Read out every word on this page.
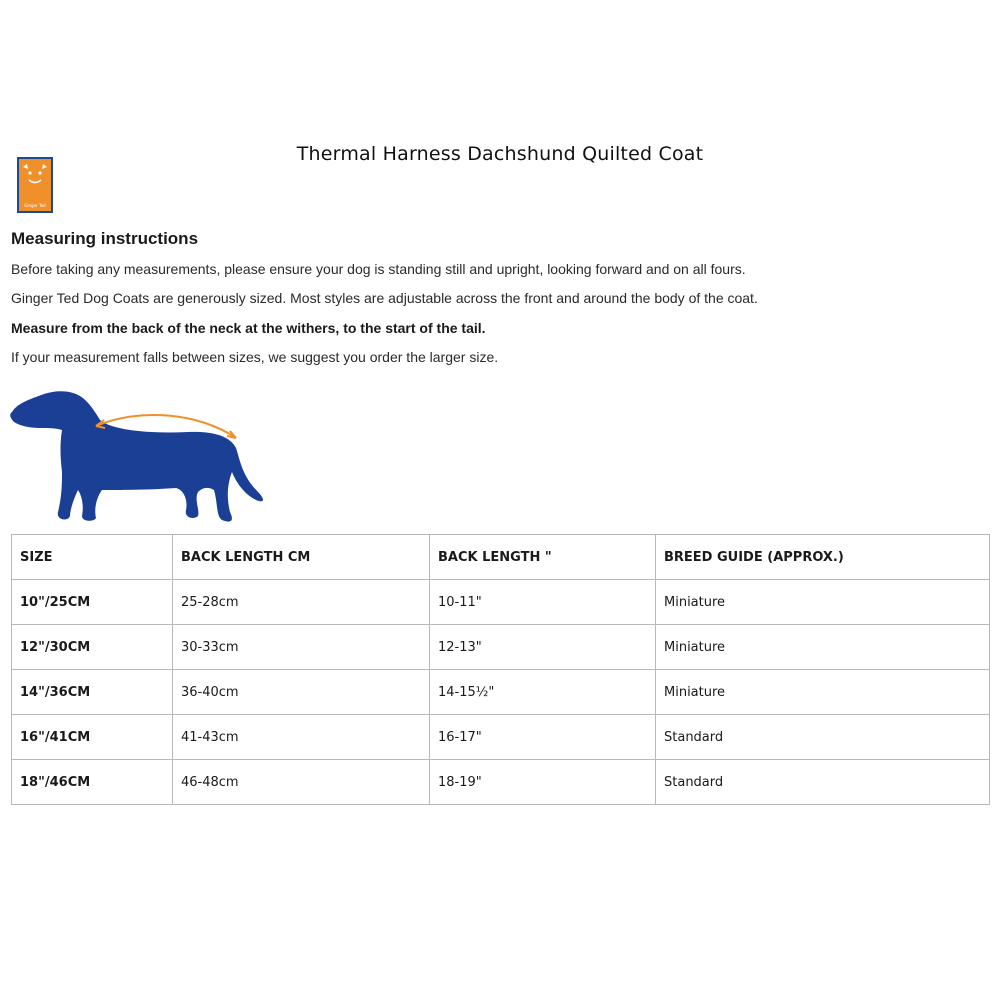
Thermal Harness Dachshund Quilted Coat
Ginger Ted
Measuring instructions
Before taking any measurements, please ensure your dog is standing still and upright, looking forward and on all fours.
Ginger Ted Dog Coats are generously sized. Most styles are adjustable across the front and around the body of the coat.
Measure from the back of the neck at the withers, to the start of the tail.
If your measurement falls between sizes, we suggest you order the larger size.
SIZE	BACK LENGTH CM	BACK LENGTH "	BREED GUIDE (APPROX.)
10"/25CM	25-28cm	10-11"	Miniature
12"/30CM	30-33cm	12-13"	Miniature
14"/36CM	36-40cm	14-15½"	Miniature
16"/41CM	41-43cm	16-17"	Standard
18"/46CM	46-48cm	18-19"	Standard
